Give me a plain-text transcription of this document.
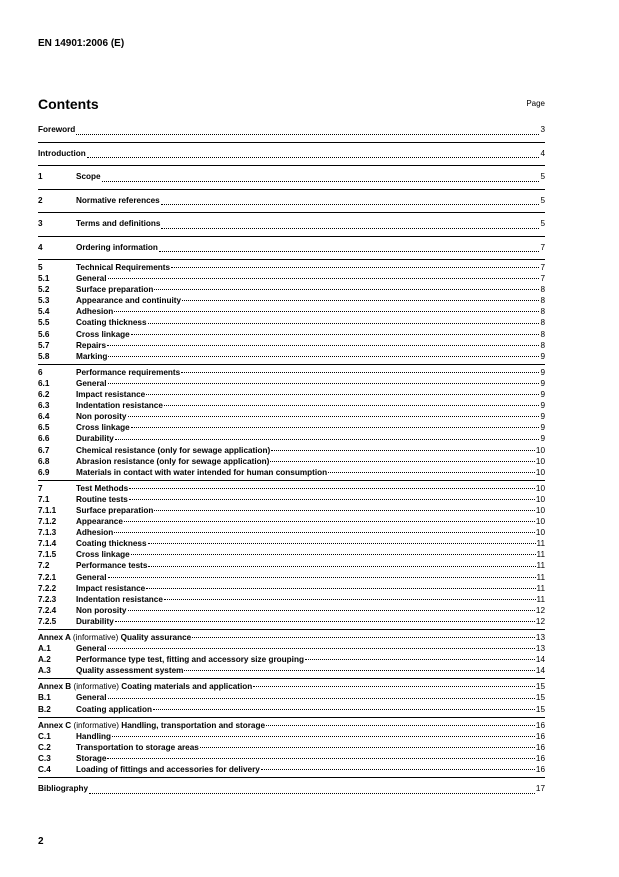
EN 14901:2006 (E)
Contents	Page
Foreword	3
Introduction	4
1	Scope	5
2	Normative references	5
3	Terms and definitions	5
4	Ordering information	7
5	Technical Requirements	7
5.1	General	7
5.2	Surface preparation	8
5.3	Appearance and continuity	8
5.4	Adhesion	8
5.5	Coating thickness	8
5.6	Cross linkage	8
5.7	Repairs	8
5.8	Marking	9
6	Performance requirements	9
6.1	General	9
6.2	Impact resistance	9
6.3	Indentation resistance	9
6.4	Non porosity	9
6.5	Cross linkage	9
6.6	Durability	9
6.7	Chemical resistance (only for sewage application)	10
6.8	Abrasion resistance (only for sewage application)	10
6.9	Materials in contact with water intended for human consumption	10
7	Test Methods	10
7.1	Routine tests	10
7.1.1	Surface preparation	10
7.1.2	Appearance	10
7.1.3	Adhesion	10
7.1.4	Coating thickness	11
7.1.5	Cross linkage	11
7.2	Performance tests	11
7.2.1	General	11
7.2.2	Impact resistance	11
7.2.3	Indentation resistance	11
7.2.4	Non porosity	12
7.2.5	Durability	12
Annex A (informative) Quality assurance	13
A.1	General	13
A.2	Performance type test, fitting and accessory size grouping	14
A.3	Quality assessment system	14
Annex B (informative) Coating materials and application	15
B.1	General	15
B.2	Coating application	15
Annex C (informative) Handling, transportation and storage	16
C.1	Handling	16
C.2	Transportation to storage areas	16
C.3	Storage	16
C.4	Loading of fittings and accessories for delivery	16
Bibliography	17
2
